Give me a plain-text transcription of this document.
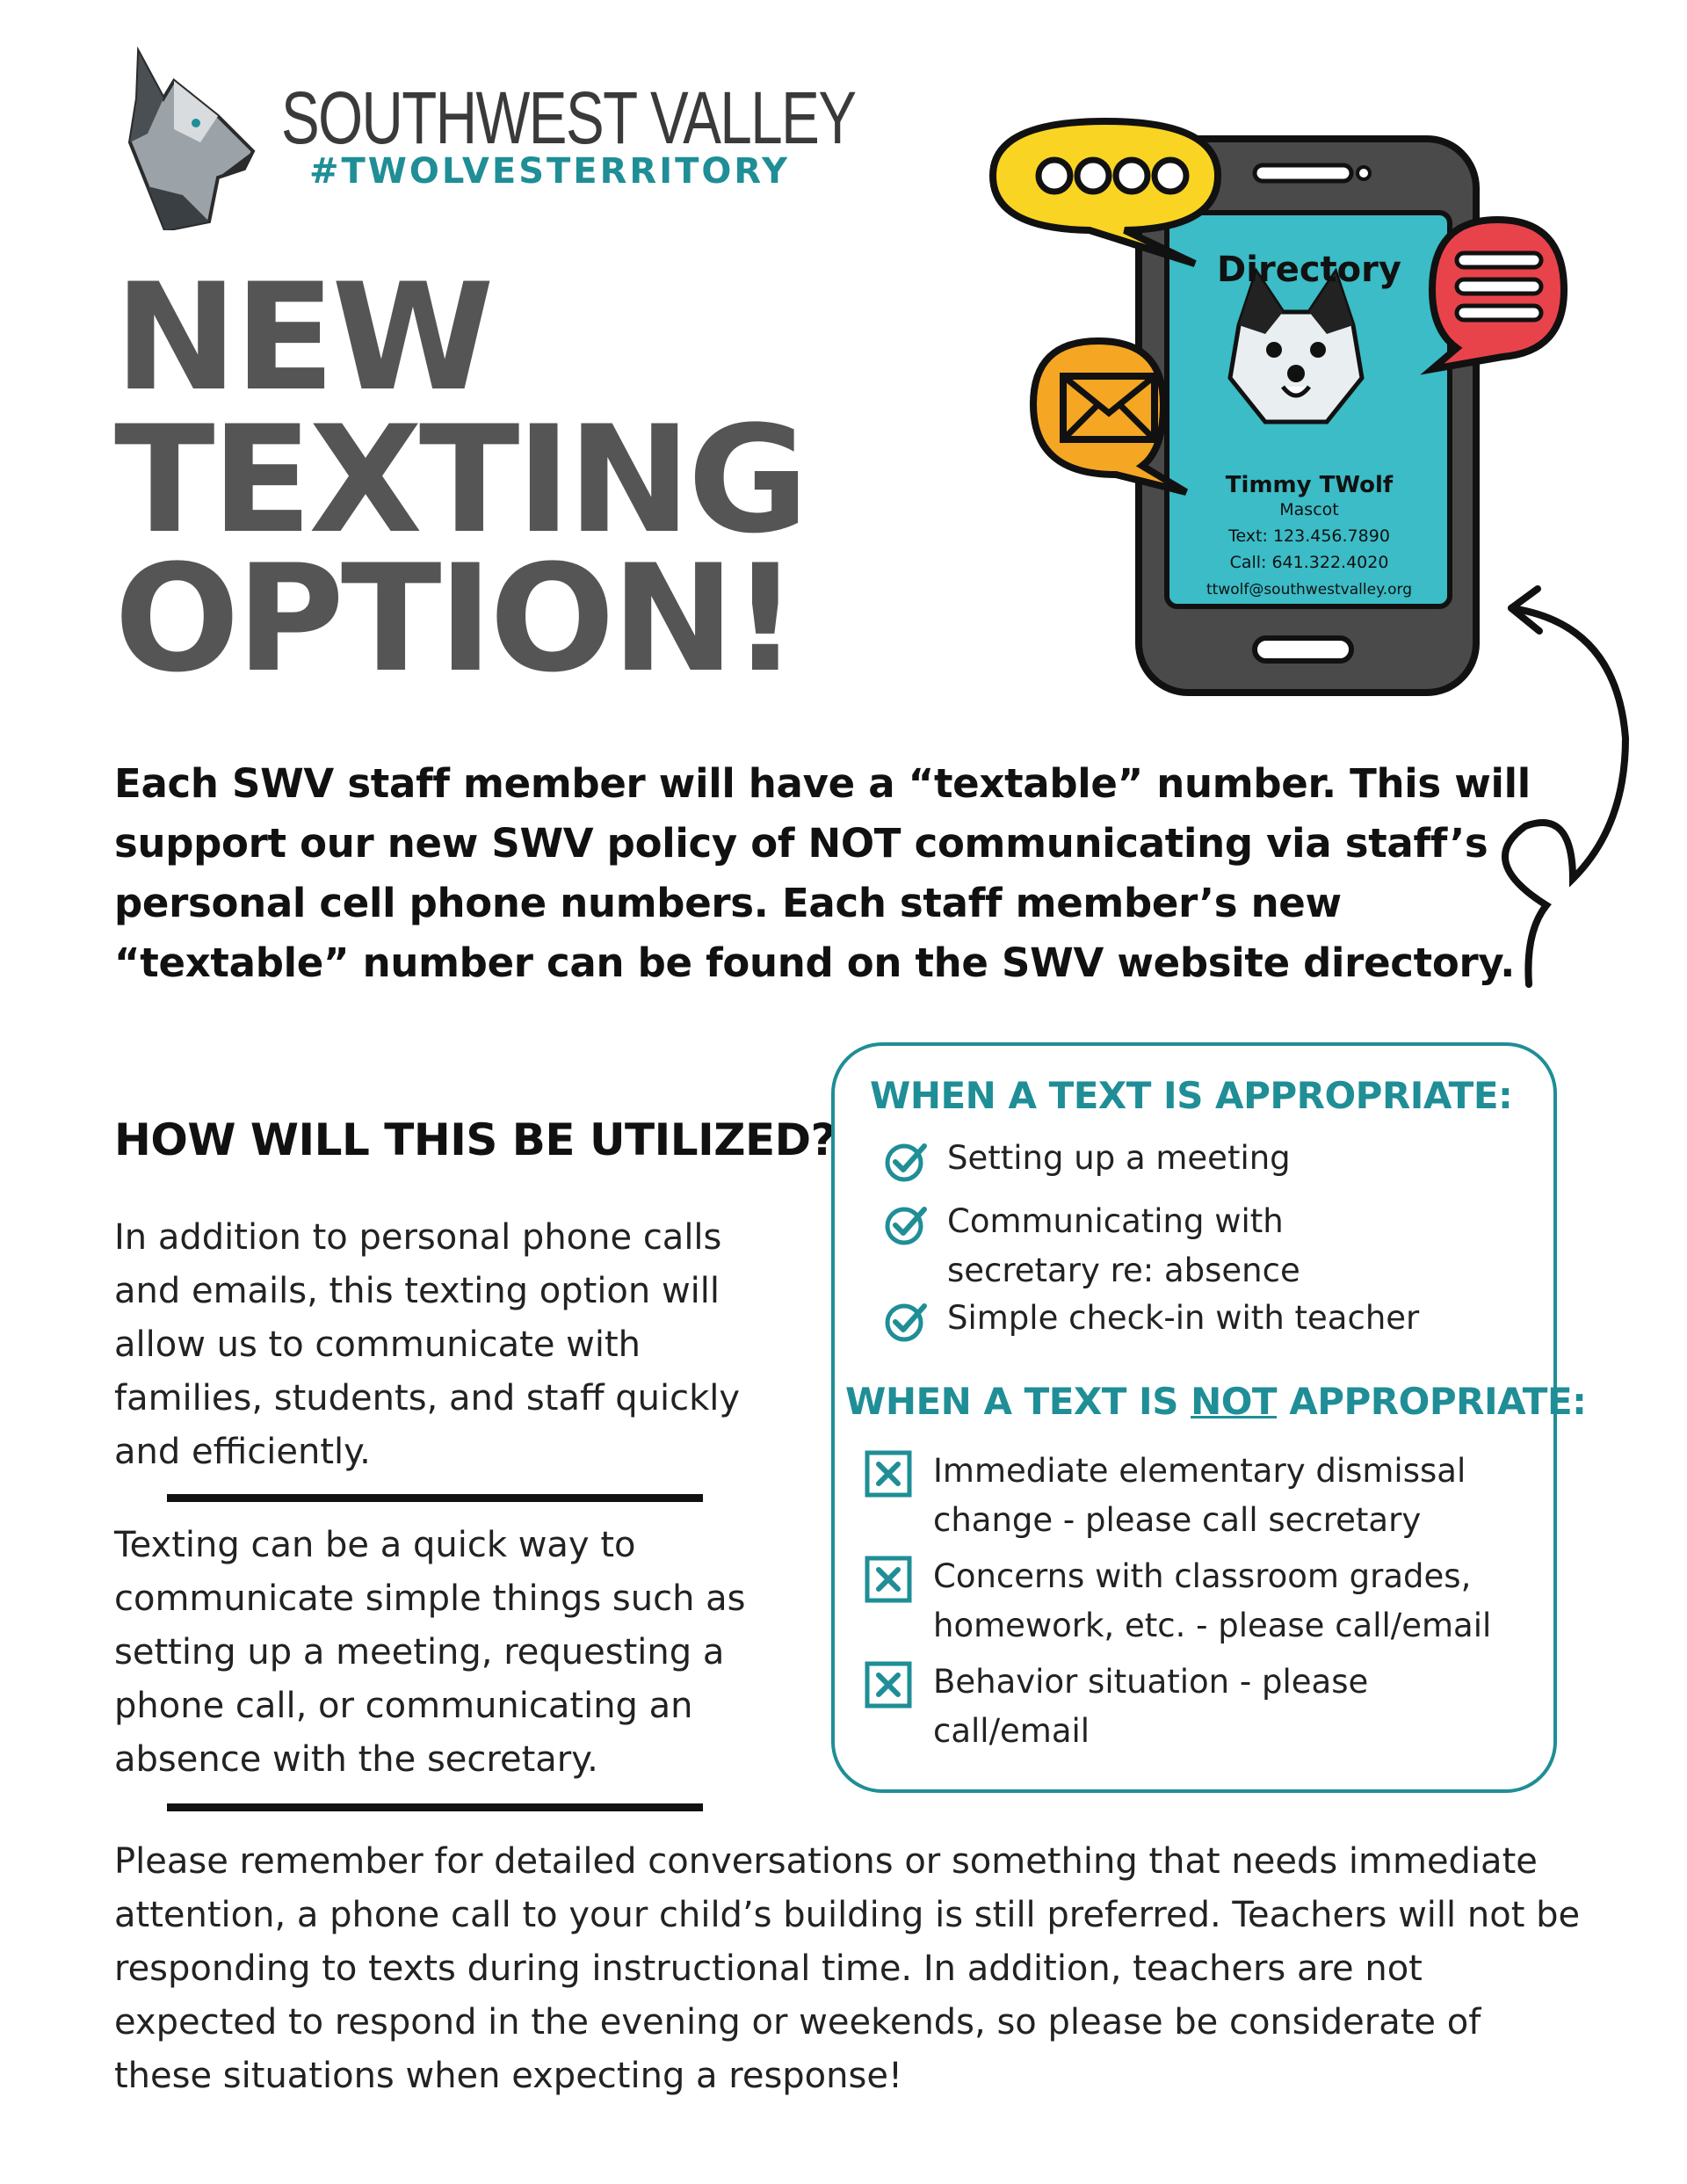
SOUTHWEST VALLEY
#TWOLVESTERRITORY
NEW
TEXTING
OPTION!
Directory
Timmy TWolf
Mascot
Text: 123.456.7890
Call: 641.322.4020
ttwolf@southwestvalley.org
Each SWV staff member will have a “textable” number. This will support our new SWV policy of NOT communicating via staff’s personal cell phone numbers. Each staff member’s new “textable” number can be found on the SWV website directory.
HOW WILL THIS BE UTILIZED?
In addition to personal phone calls and emails, this texting option will allow us to communicate with families, students, and staff quickly and efficiently.
Texting can be a quick way to communicate simple things such as setting up a meeting, requesting a phone call, or communicating an absence with the secretary.
WHEN A TEXT IS APPROPRIATE:
Setting up a meeting
Communicating with secretary re: absence
Simple check-in with teacher
WHEN A TEXT IS NOT APPROPRIATE:
Immediate elementary dismissal change - please call secretary
Concerns with classroom grades, homework, etc. - please call/email
Behavior situation - please call/email
Please remember for detailed conversations or something that needs immediate attention, a phone call to your child’s building is still preferred. Teachers will not be responding to texts during instructional time. In addition, teachers are not expected to respond in the evening or weekends, so please be considerate of these situations when expecting a response!
